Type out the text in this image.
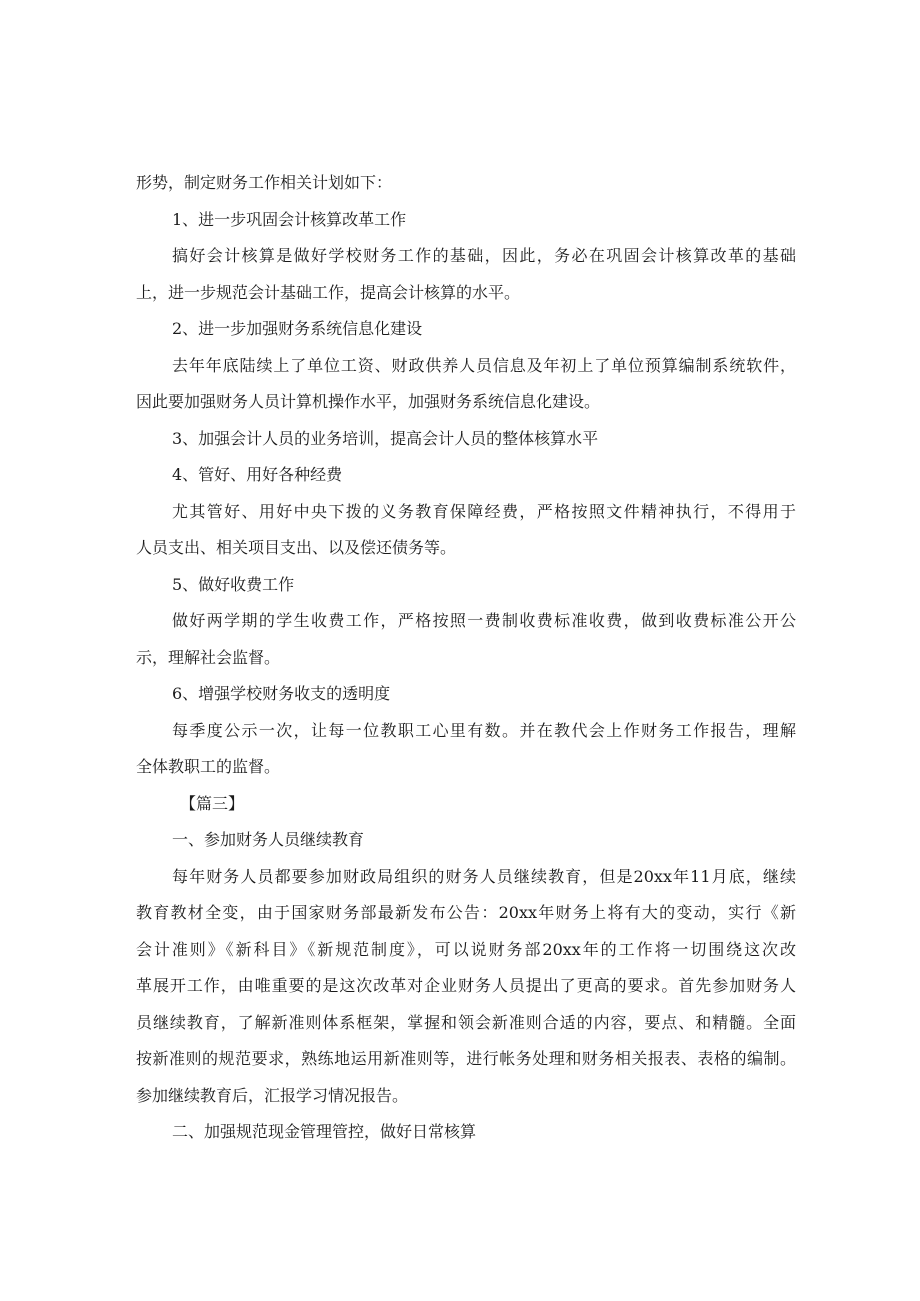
形势，制定财务工作相关计划如下：
1、进一步巩固会计核算改革工作
搞好会计核算是做好学校财务工作的基础，因此，务必在巩固会计核算改革的基础
上，进一步规范会计基础工作，提高会计核算的水平。
2、进一步加强财务系统信息化建设
去年年底陆续上了单位工资、财政供养人员信息及年初上了单位预算编制系统软件，
因此要加强财务人员计算机操作水平，加强财务系统信息化建设。
3、加强会计人员的业务培训，提高会计人员的整体核算水平
4、管好、用好各种经费
尤其管好、用好中央下拨的义务教育保障经费，严格按照文件精神执行，不得用于
人员支出、相关项目支出、以及偿还债务等。
5、做好收费工作
做好两学期的学生收费工作，严格按照一费制收费标准收费，做到收费标准公开公
示，理解社会监督。
6、增强学校财务收支的透明度
每季度公示一次，让每一位教职工心里有数。并在教代会上作财务工作报告，理解
全体教职工的监督。
【篇三】
一、参加财务人员继续教育
每年财务人员都要参加财政局组织的财务人员继续教育，但是20xx年11月底，继续
教育教材全变，由于国家财务部最新发布公告：20xx年财务上将有大的变动，实行《新
会计准则》《新科目》《新规范制度》，可以说财务部20xx年的工作将一切围绕这次改
革展开工作，由唯重要的是这次改革对企业财务人员提出了更高的要求。首先参加财务人
员继续教育，了解新准则体系框架，掌握和领会新准则合适的内容，要点、和精髓。全面
按新准则的规范要求，熟练地运用新准则等，进行帐务处理和财务相关报表、表格的编制。
参加继续教育后，汇报学习情况报告。
二、加强规范现金管理管控，做好日常核算
